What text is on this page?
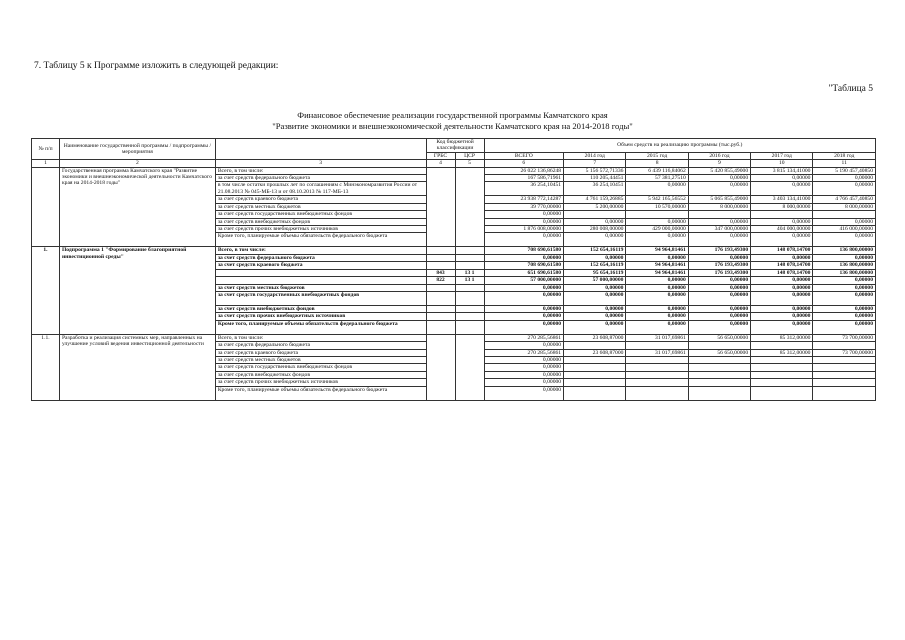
7. Таблицу 5 к Программе изложить в следующей редакции:
"Таблица 5
Финансовое обеспечение реализации государственной программы Камчатского края
"Развитие экономики и внешнеэкономической деятельности Камчатского края на 2014-2018 годы"
№ п/п	Наименование государственной программы / подпрограммы / мероприятия		Код бюджетной классификации		Объем средств на реализацию программы (тыс.руб.)					
			ГРБС	ЦСР	ВСЕГО	2014 год	2015 год	2016 год	2017 год	2018 год
1	2	3	4	5	6	7	8	9	10	11
	Государственная программа Камчатского края "Развитие экономики и внешнеэкономической деятельности Камчатского края на 2014-2018 годы"	Всего, в том числе:			26 022 136,86248	5 156 572,71336	6 439 116,84062	5 420 855,49000	3 815 134,41000	5 190 457,40850
		за счет средств федерального бюджета			167 586,71961	110 205,44451	57 381,27510	0,00000	0,00000	0,00000
		в том числе остатки прошлых лет по соглашениям с Минэкономразвития России от 21.08.2013 № 045-МБ-13 и от 08.10.2013 № 117-МБ-13			36 254,10451	36 254,10451	0,00000	0,00000	0,00000	0,00000
		за счет средств краевого бюджета			23 938 772,14287	4 761 159,26885	5 942 165,56552	5 065 855,49000	3 403 134,41000	4 766 457,40850
		за счет средств местных бюджетов			39 770,00000	5 200,00000	10 570,00000	8 000,00000	8 000,00000	8 000,00000
		за счет средств государственных внебюджетных фондов			0,00000					
		за счет средств внебюджетных фондов			0,00000	0,00000	0,00000	0,00000	0,00000	0,00000
		за счет средств прочих внебюджетных источников			1 876 008,00000	280 008,00000	429 000,00000	347 000,00000	404 000,00000	416 000,00000
		Кроме того, планируемые объемы обязательств федерального бюджета			0,00000	0,00000	0,00000	0,00000	0,00000	0,00000
1.	Подпрограмма 1 "Формирование благоприятной инвестиционной среды"	Всего, в том числе:			708 690,61580	152 654,16119	94 964,81461	176 193,49300	148 078,14700	136 800,00000
		за счет средств федерального бюджета			0,00000	0,00000	0,00000	0,00000	0,00000	0,00000
		за счет средств краевого бюджета			708 690,61580	152 654,16119	94 964,81461	176 193,49300	148 078,14700	136 800,00000
			843	13 1	651 690,61580	95 654,16119	94 964,81461	176 193,49300	148 078,14700	136 800,00000
			822	13 1	57 000,00000	57 000,00000	0,00000	0,00000	0,00000	0,00000
		за счет средств местных бюджетов			0,00000	0,00000	0,00000	0,00000	0,00000	0,00000
		за счет средств государственных внебюджетных фондов			0,00000	0,00000	0,00000	0,00000	0,00000	0,00000
		за счет средств внебюджетных фондов			0,00000	0,00000	0,00000	0,00000	0,00000	0,00000
		за счет средств прочих внебюджетных источников			0,00000	0,00000	0,00000	0,00000	0,00000	0,00000
		Кроме того, планируемые объемы обязательств федерального бюджета			0,00000	0,00000	0,00000	0,00000	0,00000	0,00000
1.1.	Разработка и реализация системных мер, направленных на улучшение условий ведения инвестиционной деятельности	Всего, в том числе:			270 285,56861	23 608,87000	31 017,69861	56 650,00000	85 312,00000	73 700,00000
		за счет средств федерального бюджета			0,00000					
		за счет средств краевого бюджета			270 285,56861	23 608,87000	31 017,69861	56 650,00000	85 312,00000	73 700,00000
		за счет средств местных бюджетов			0,00000					
		за счет средств государственных внебюджетных фондов			0,00000					
		за счет средств внебюджетных фондов			0,00000					
		за счет средств прочих внебюджетных источников			0,00000					
		Кроме того, планируемые объемы обязательств федерального бюджета			0,00000					
